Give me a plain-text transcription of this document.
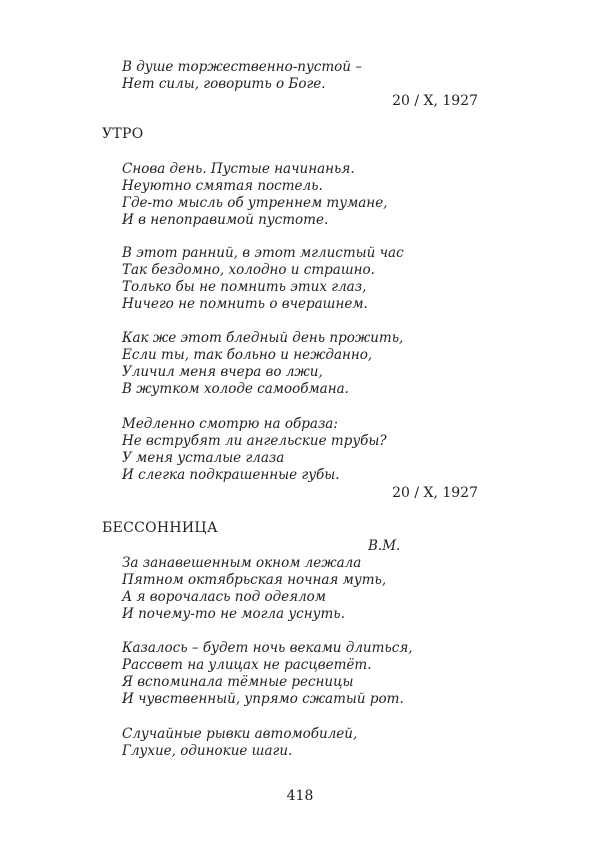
В душе торжественно-пустой –
Нет силы, говорить о Боге.
20 / X, 1927
УТРО
Снова день. Пустые начинанья.
Неуютно смятая постель.
Где-то мысль об утреннем тумане,
И в непоправимой пустоте.
В этот ранний, в этот мглистый час
Так бездомно, холодно и страшно.
Только бы не помнить этих глаз,
Ничего не помнить о вчерашнем.
Как же этот бледный день прожить,
Если ты, так больно и нежданно,
Уличил меня вчера во лжи,
В жутком холоде самообмана.
Медленно смотрю на образа:
Не вструбят ли ангельские трубы?
У меня усталые глаза
И слегка подкрашенные губы.
20 / X, 1927
БЕССОННИЦА
В.М.
За занавешенным окном лежала
Пятном октябрьская ночная муть,
А я ворочалась под одеялом
И почему-то не могла уснуть.
Казалось – будет ночь веками длиться,
Рассвет на улицах не расцветёт.
Я вспоминала тёмные ресницы
И чувственный, упрямо сжатый рот.
Случайные рывки автомобилей,
Глухие, одинокие шаги.
418
